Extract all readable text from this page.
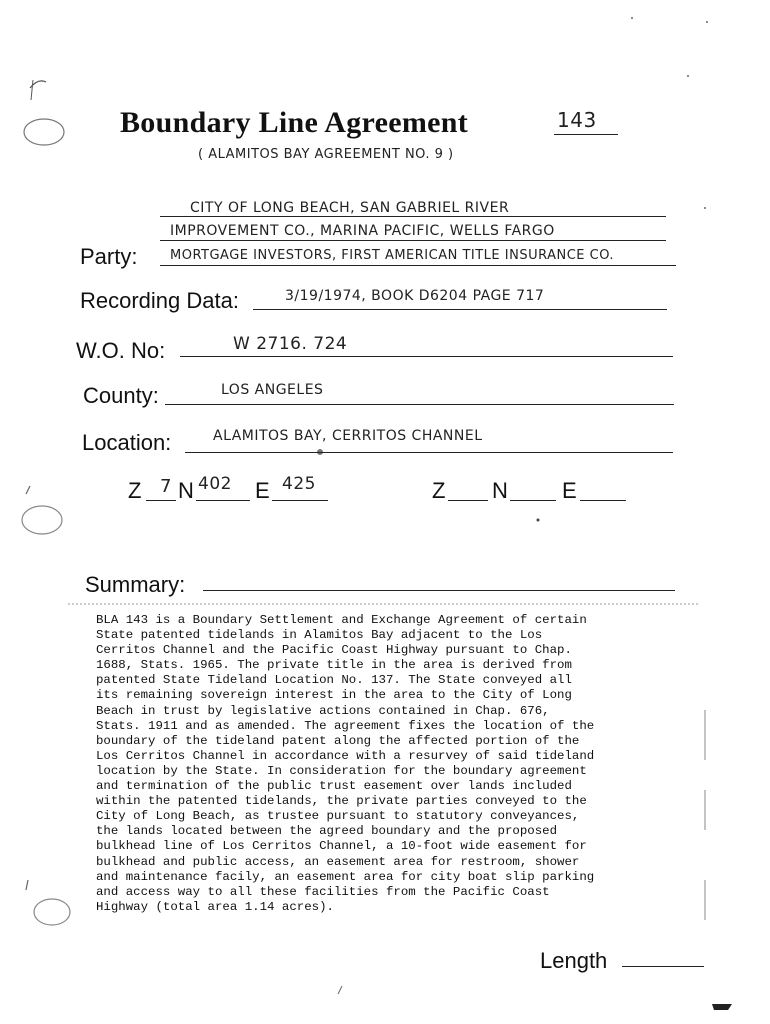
Boundary Line Agreement	143
( ALAMITOS BAY AGREEMENT NO. 9 )
CITY OF LONG BEACH, SAN GABRIEL RIVER
IMPROVEMENT CO., MARINA PACIFIC, WELLS FARGO
Party:	MORTGAGE INVESTORS, FIRST AMERICAN TITLE INSURANCE CO.
Recording Data:	3/19/1974, BOOK D6204 PAGE 717
W.O. No:	W 2716. 724
County:	LOS ANGELES
Location:	ALAMITOS BAY, CERRITOS CHANNEL
Z 7 N 402 E 425	Z N E
Summary:
BLA 143 is a Boundary Settlement and Exchange Agreement of certain
State patented tidelands in Alamitos Bay adjacent to the Los
Cerritos Channel and the Pacific Coast Highway pursuant to Chap.
1688, Stats. 1965. The private title in the area is derived from
patented State Tideland Location No. 137. The State conveyed all
its remaining sovereign interest in the area to the City of Long
Beach in trust by legislative actions contained in Chap. 676,
Stats. 1911 and as amended. The agreement fixes the location of the
boundary of the tideland patent along the affected portion of the
Los Cerritos Channel in accordance with a resurvey of said tideland
location by the State. In consideration for the boundary agreement
and termination of the public trust easement over lands included
within the patented tidelands, the private parties conveyed to the
City of Long Beach, as trustee pursuant to statutory conveyances,
the lands located between the agreed boundary and the proposed
bulkhead line of Los Cerritos Channel, a 10-foot wide easement for
bulkhead and public access, an easement area for restroom, shower
and maintenance facily, an easement area for city boat slip parking
and access way to all these facilities from the Pacific Coast
Highway (total area 1.14 acres).
Length
